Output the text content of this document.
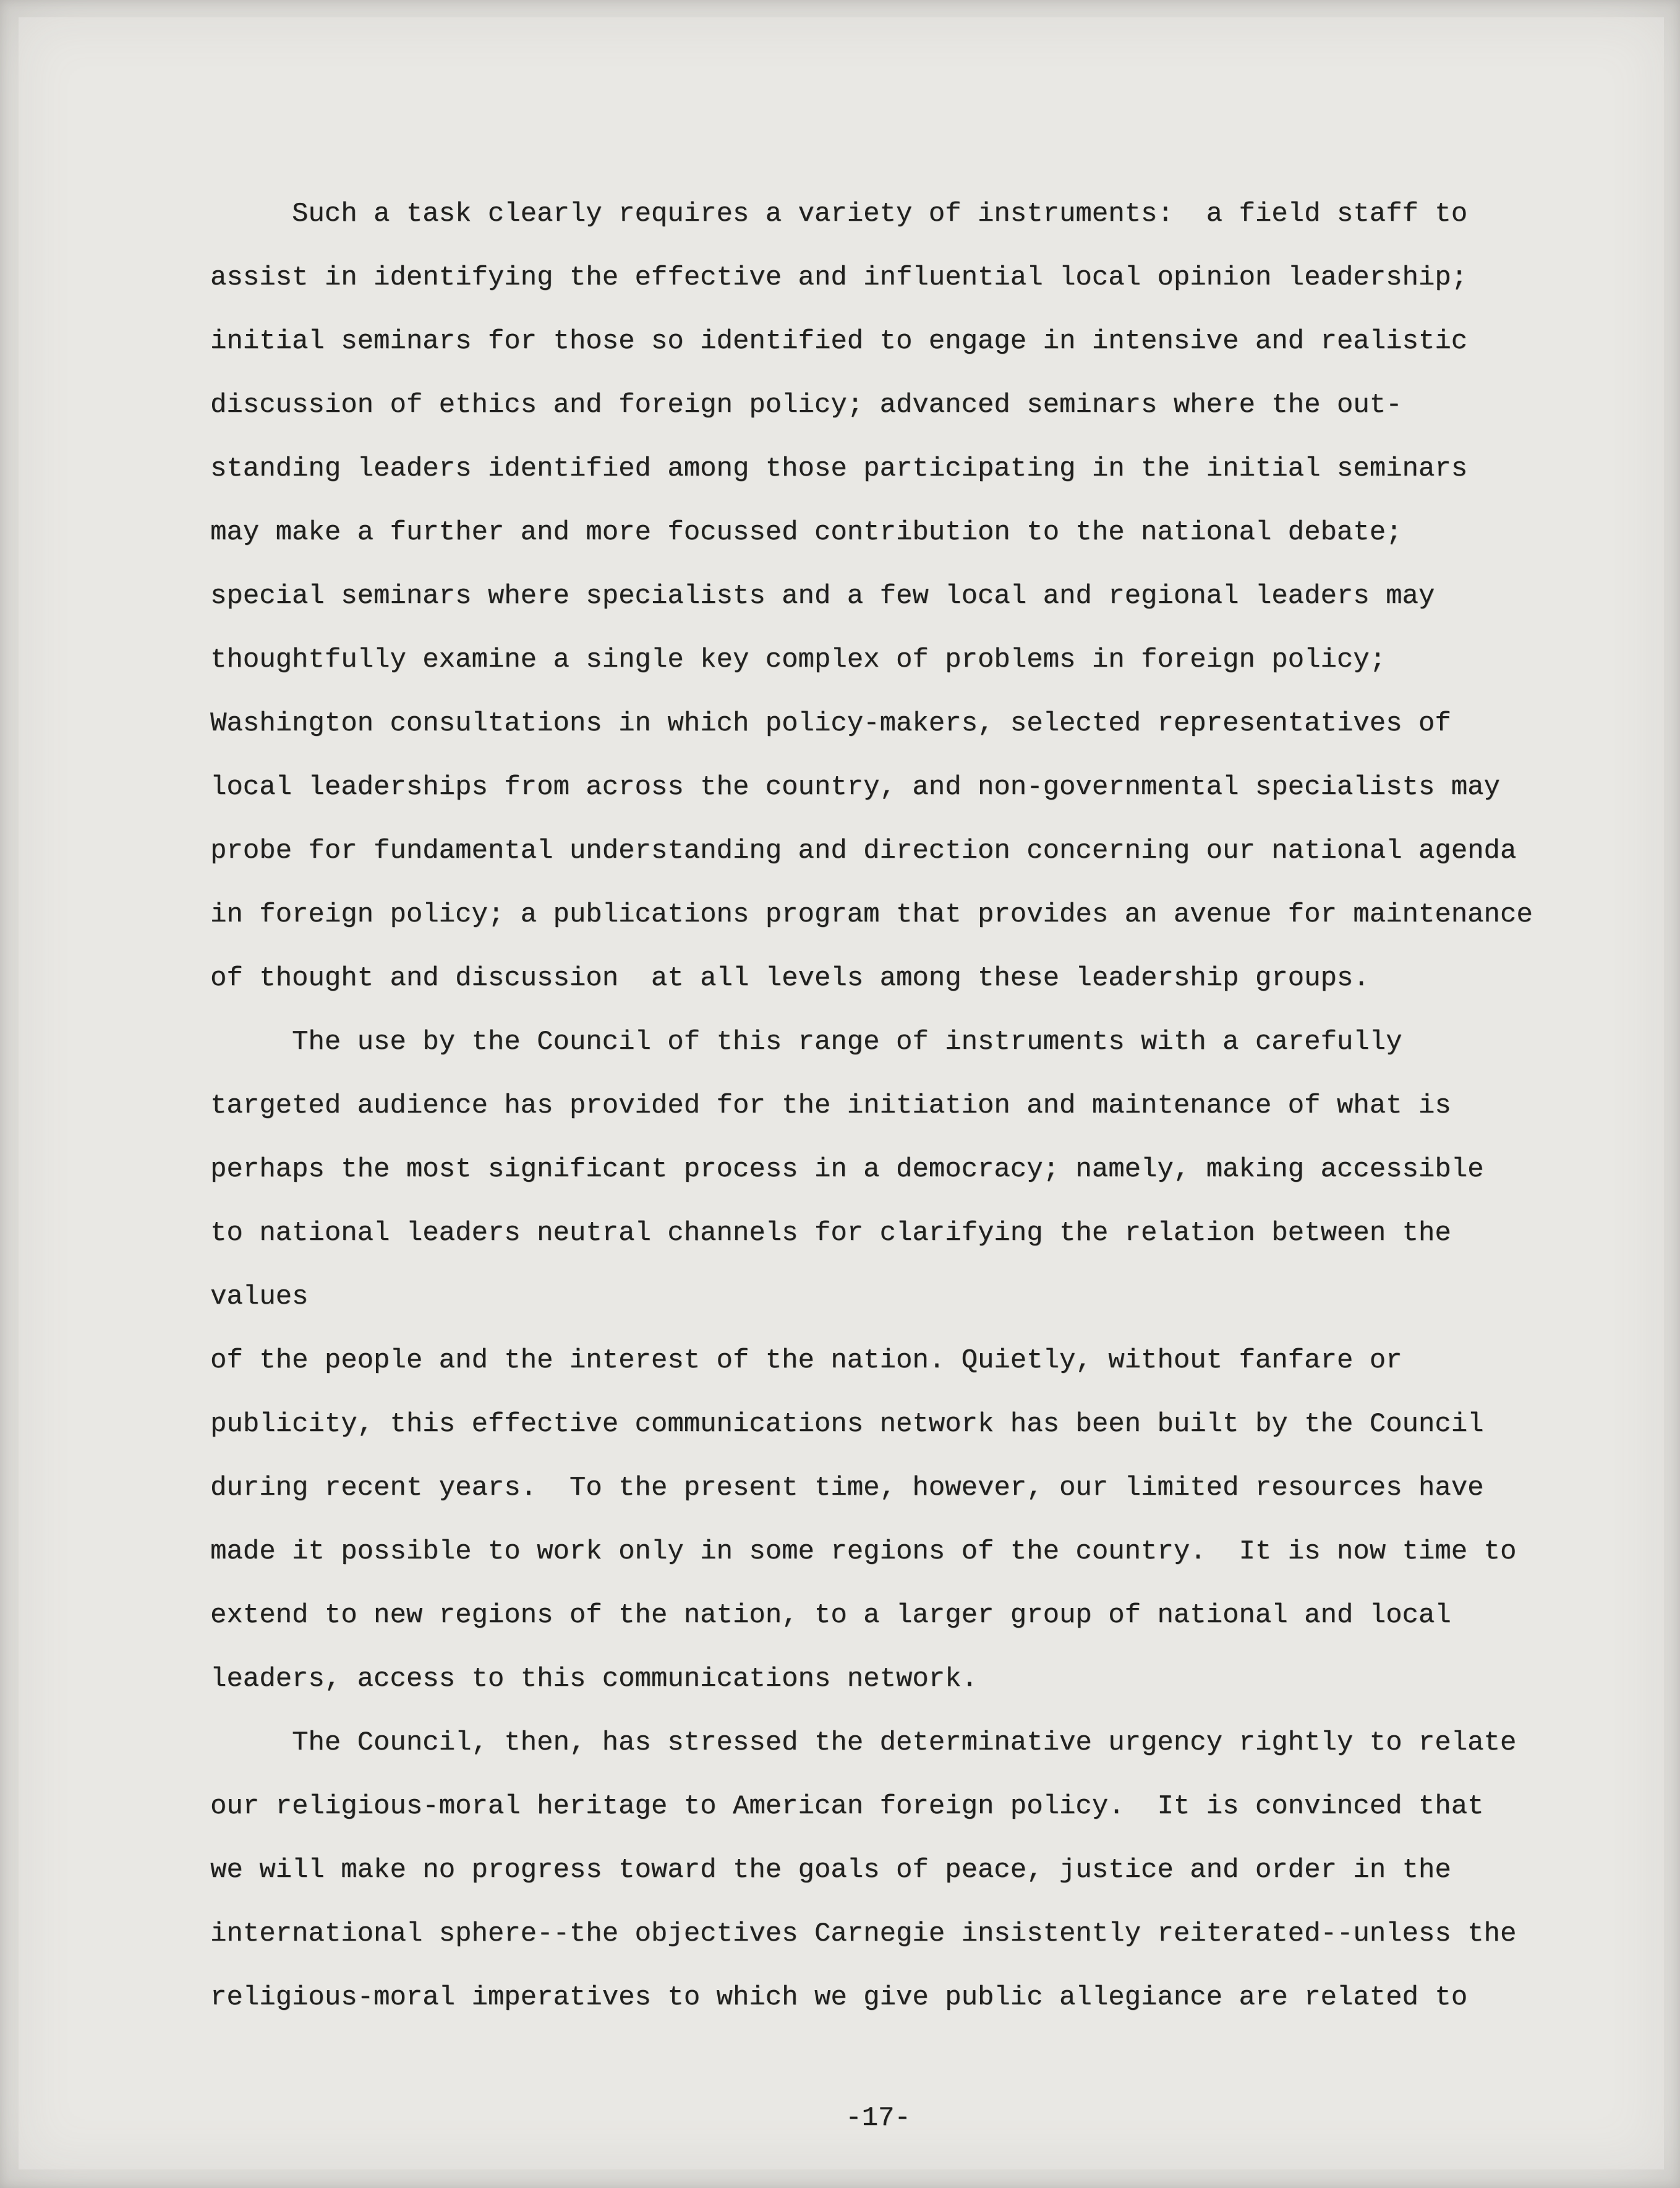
Such a task clearly requires a variety of instruments:  a field staff to
assist in identifying the effective and influential local opinion leadership;
initial seminars for those so identified to engage in intensive and realistic
discussion of ethics and foreign policy; advanced seminars where the out-
standing leaders identified among those participating in the initial seminars
may make a further and more focussed contribution to the national debate;
special seminars where specialists and a few local and regional leaders may
thoughtfully examine a single key complex of problems in foreign policy;
Washington consultations in which policy-makers, selected representatives of
local leaderships from across the country, and non-governmental specialists may
probe for fundamental understanding and direction concerning our national agenda
in foreign policy; a publications program that provides an avenue for maintenance
of thought and discussion  at all levels among these leadership groups.
The use by the Council of this range of instruments with a carefully
targeted audience has provided for the initiation and maintenance of what is
perhaps the most significant process in a democracy; namely, making accessible
to national leaders neutral channels for clarifying the relation between the values
of the people and the interest of the nation. Quietly, without fanfare or
publicity, this effective communications network has been built by the Council
during recent years.  To the present time, however, our limited resources have
made it possible to work only in some regions of the country.  It is now time to
extend to new regions of the nation, to a larger group of national and local
leaders, access to this communications network.
The Council, then, has stressed the determinative urgency rightly to relate
our religious-moral heritage to American foreign policy.  It is convinced that
we will make no progress toward the goals of peace, justice and order in the
international sphere--the objectives Carnegie insistently reiterated--unless the
religious-moral imperatives to which we give public allegiance are related to
-17-
